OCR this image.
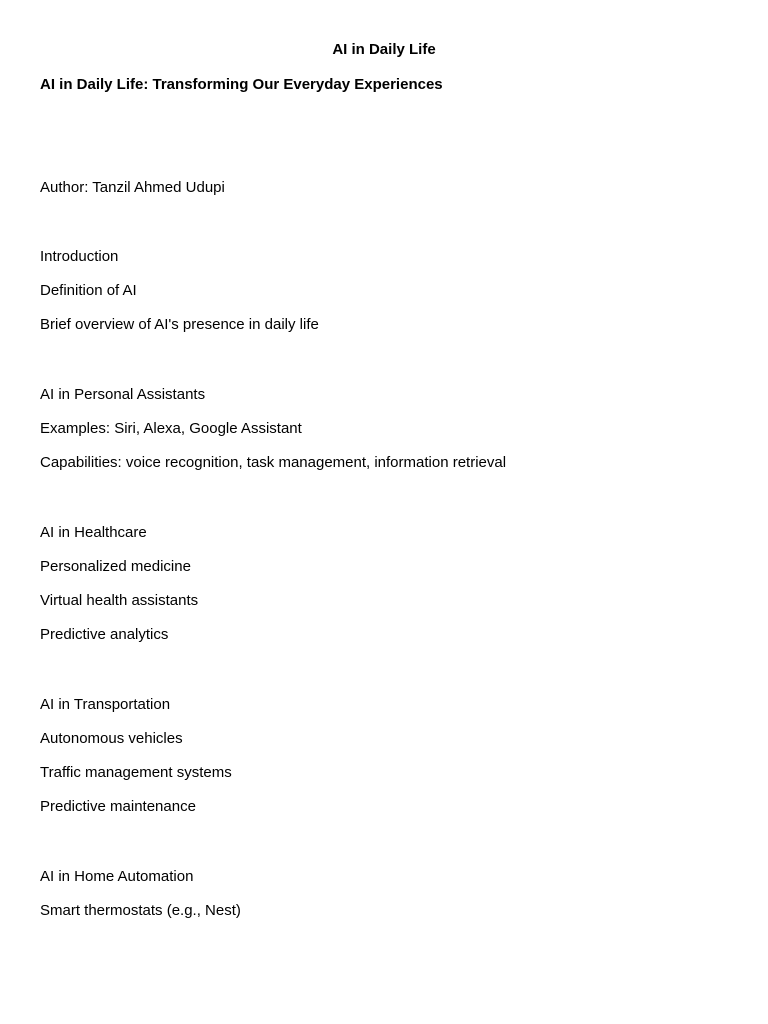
AI in Daily Life
AI in Daily Life: Transforming Our Everyday Experiences
Author: Tanzil Ahmed Udupi
Introduction
Definition of AI
Brief overview of AI's presence in daily life
AI in Personal Assistants
Examples: Siri, Alexa, Google Assistant
Capabilities: voice recognition, task management, information retrieval
AI in Healthcare
Personalized medicine
Virtual health assistants
Predictive analytics
AI in Transportation
Autonomous vehicles
Traffic management systems
Predictive maintenance
AI in Home Automation
Smart thermostats (e.g., Nest)
